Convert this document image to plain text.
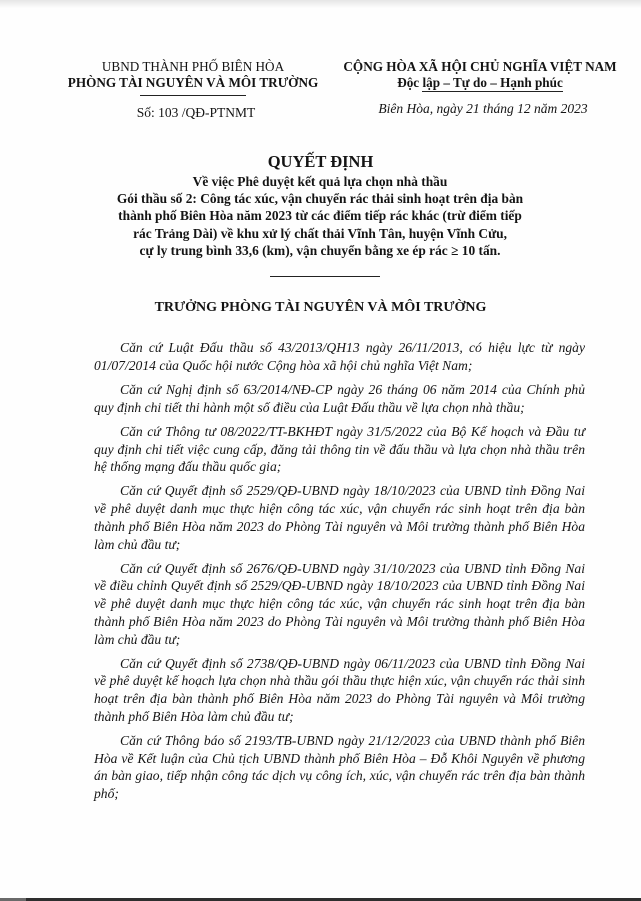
UBND THÀNH PHỐ BIÊN HÒA
PHÒNG TÀI NGUYÊN VÀ MÔI TRƯỜNG
Số: 103 /QĐ-PTNMT
CỘNG HÒA XÃ HỘI CHỦ NGHĨA VIỆT NAM
Độc lập – Tự do – Hạnh phúc
Biên Hòa, ngày 21 tháng 12 năm 2023
QUYẾT ĐỊNH
Về việc Phê duyệt kết quả lựa chọn nhà thầu
Gói thầu số 2: Công tác xúc, vận chuyển rác thải sinh hoạt trên địa bàn
thành phố Biên Hòa năm 2023 từ các điểm tiếp rác khác (trừ điểm tiếp
rác Trảng Dài) về khu xử lý chất thải Vĩnh Tân, huyện Vĩnh Cửu,
cự ly trung bình 33,6 (km), vận chuyển bằng xe ép rác ≥ 10 tấn.
TRƯỞNG PHÒNG TÀI NGUYÊN VÀ MÔI TRƯỜNG

Căn cứ Luật Đấu thầu số 43/2013/QH13 ngày 26/11/2013, có hiệu lực từ ngày 01/07/2014 của Quốc hội nước Cộng hòa xã hội chủ nghĩa Việt Nam;

Căn cứ Nghị định số 63/2014/NĐ-CP ngày 26 tháng 06 năm 2014 của Chính phủ quy định chi tiết thi hành một số điều của Luật Đấu thầu về lựa chọn nhà thầu;

Căn cứ Thông tư 08/2022/TT-BKHĐT ngày 31/5/2022 của Bộ Kế hoạch và Đầu tư quy định chi tiết việc cung cấp, đăng tải thông tin về đấu thầu và lựa chọn nhà thầu trên hệ thống mạng đấu thầu quốc gia;

Căn cứ Quyết định số 2529/QĐ-UBND ngày 18/10/2023 của UBND tỉnh Đồng Nai về phê duyệt danh mục thực hiện công tác xúc, vận chuyển rác sinh hoạt trên địa bàn thành phố Biên Hòa năm 2023 do Phòng Tài nguyên và Môi trường thành phố Biên Hòa làm chủ đầu tư;

Căn cứ Quyết định số 2676/QĐ-UBND ngày 31/10/2023 của UBND tỉnh Đồng Nai về điều chỉnh Quyết định số 2529/QĐ-UBND ngày 18/10/2023 của UBND tỉnh Đồng Nai về phê duyệt danh mục thực hiện công tác xúc, vận chuyển rác sinh hoạt trên địa bàn thành phố Biên Hòa năm 2023 do Phòng Tài nguyên và Môi trường thành phố Biên Hòa làm chủ đầu tư;

Căn cứ Quyết định số 2738/QĐ-UBND ngày 06/11/2023 của UBND tỉnh Đồng Nai về phê duyệt kế hoạch lựa chọn nhà thầu gói thầu thực hiện xúc, vận chuyển rác thải sinh hoạt trên địa bàn thành phố Biên Hòa năm 2023 do Phòng Tài nguyên và Môi trường thành phố Biên Hòa làm chủ đầu tư;

Căn cứ Thông báo số 2193/TB-UBND ngày 21/12/2023 của UBND thành phố Biên Hòa về Kết luận của Chủ tịch UBND thành phố Biên Hòa – Đỗ Khôi Nguyên về phương án bàn giao, tiếp nhận công tác dịch vụ công ích, xúc, vận chuyển rác trên địa bàn thành phố;
